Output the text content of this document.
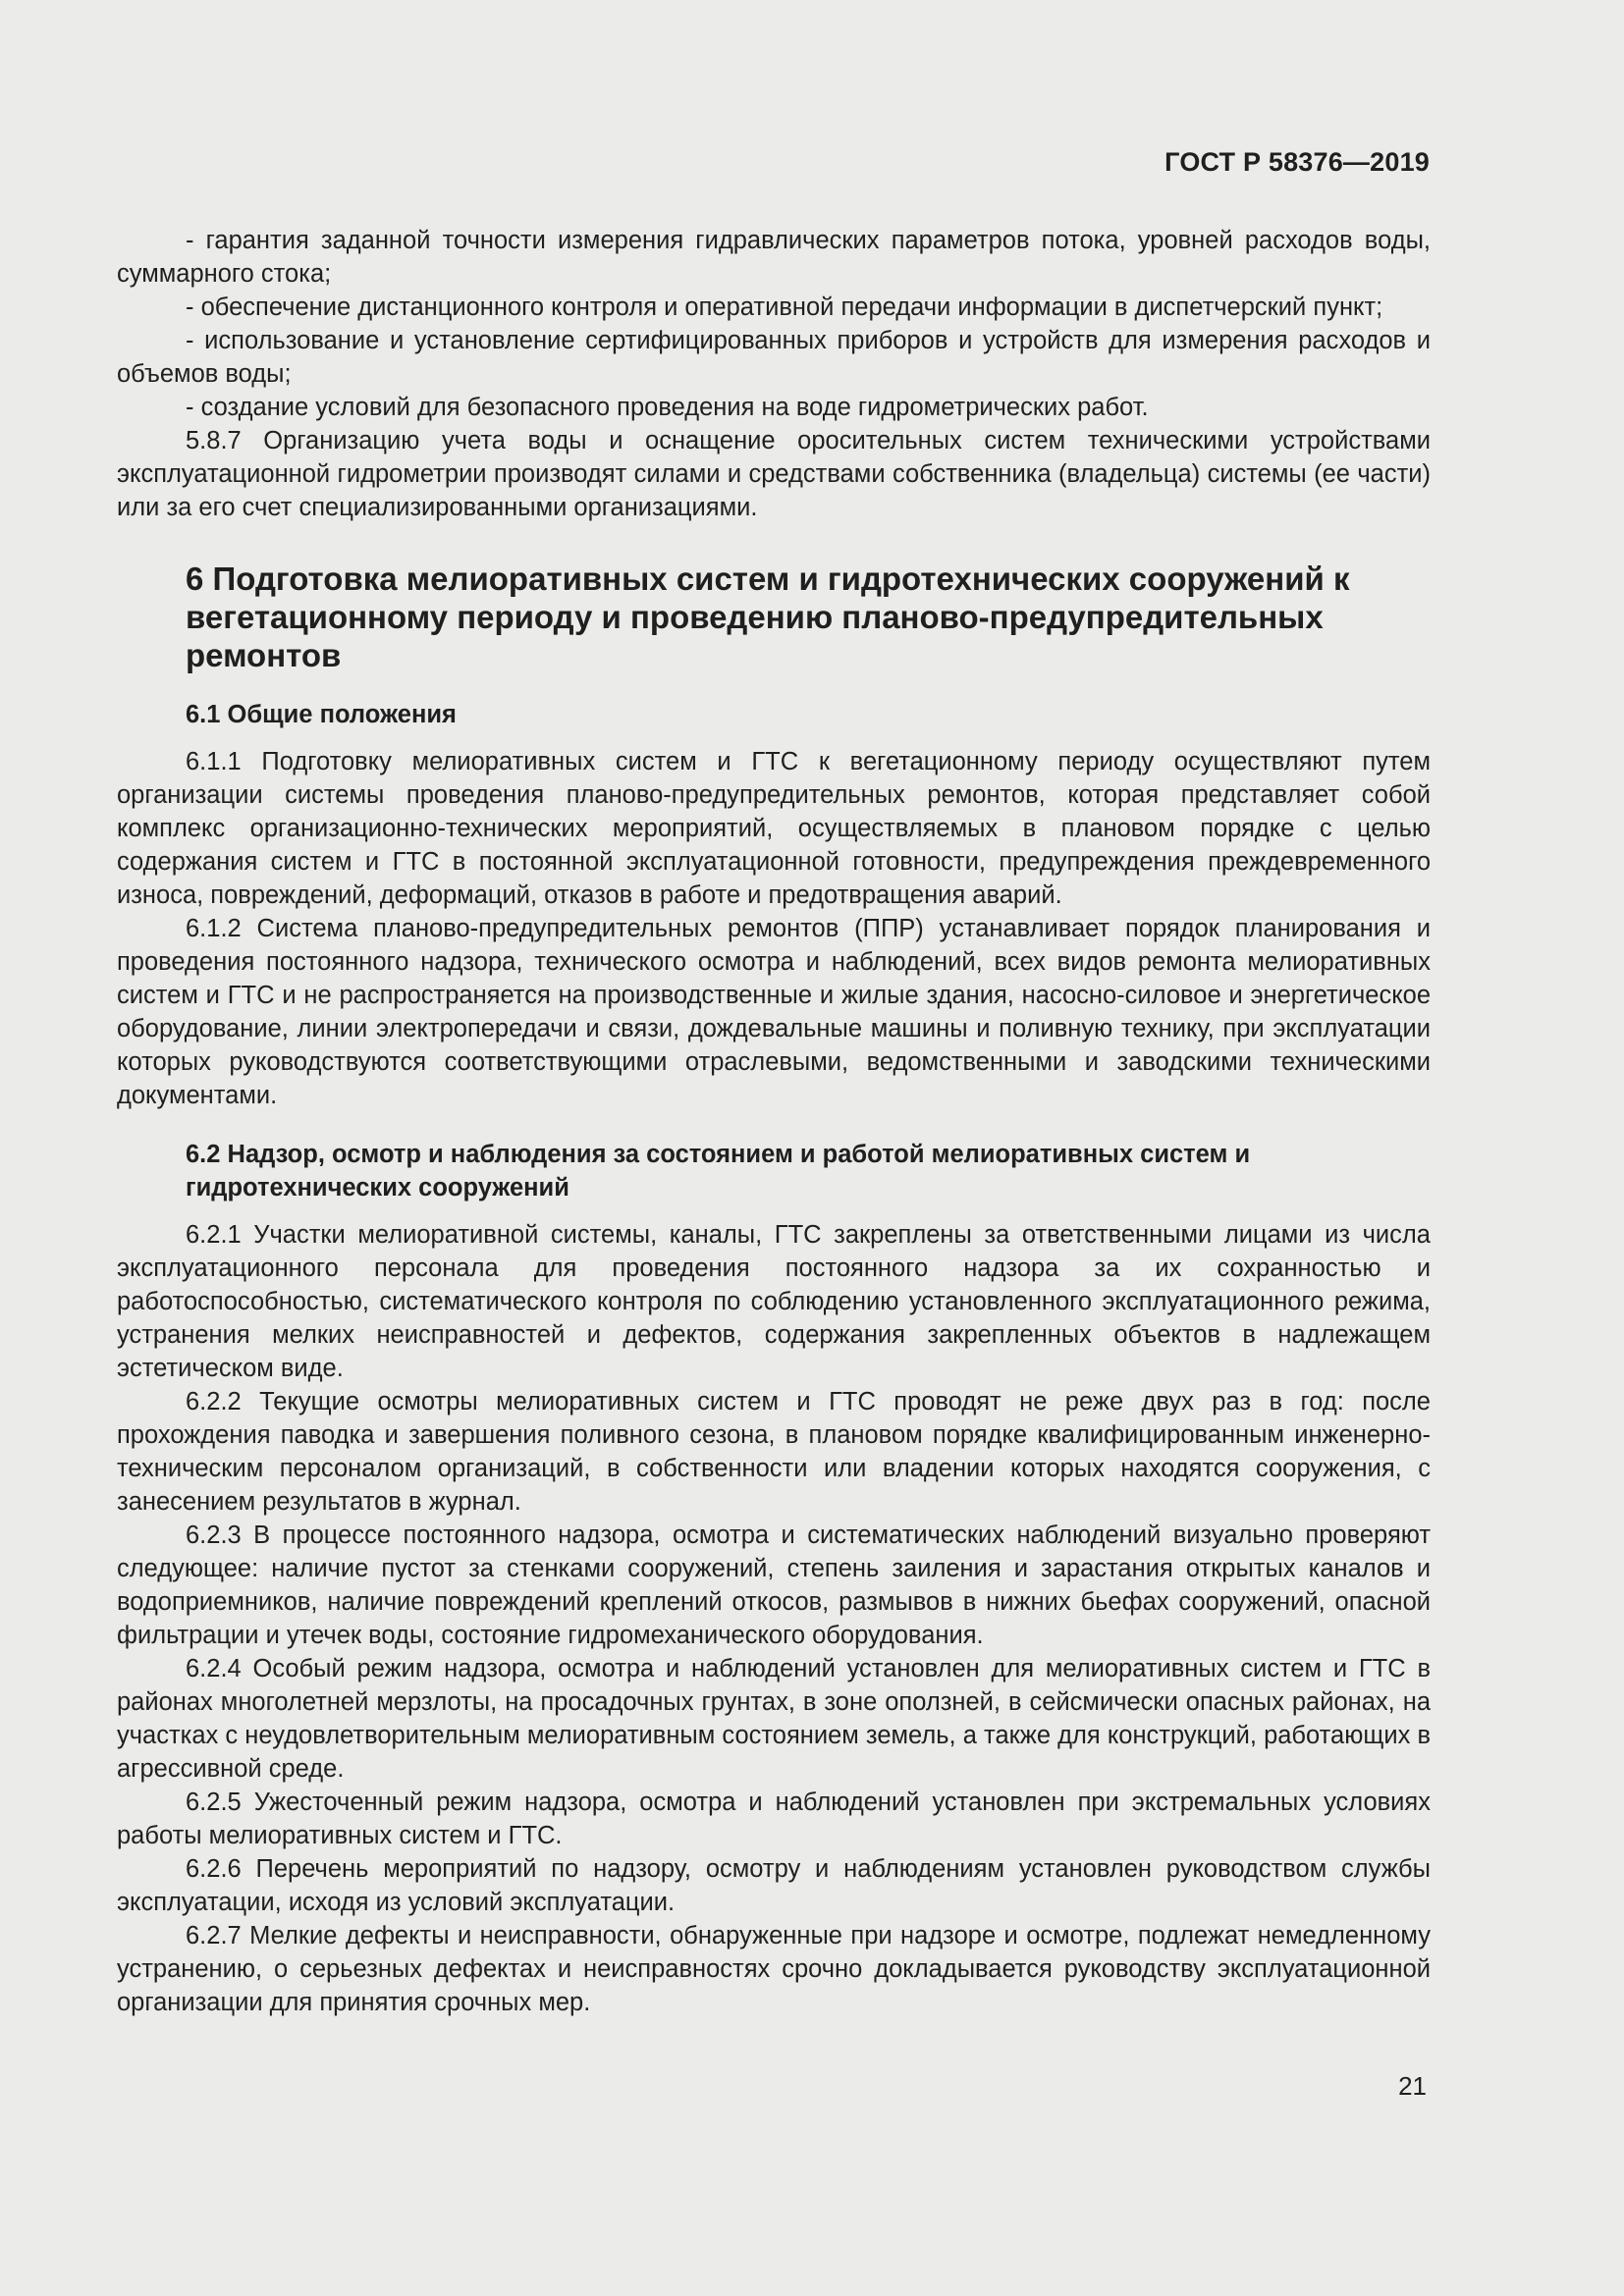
ГОСТ Р 58376—2019

- гарантия заданной точности измерения гидравлических параметров потока, уровней расходов воды, суммарного стока;

- обеспечение дистанционного контроля и оперативной передачи информации в диспетчерский пункт;

- использование и установление сертифицированных приборов и устройств для измерения расходов и объемов воды;

- создание условий для безопасного проведения на воде гидрометрических работ.

5.8.7 Организацию учета воды и оснащение оросительных систем техническими устройствами эксплуатационной гидрометрии производят силами и средствами собственника (владельца) системы (ее части) или за его счет специализированными организациями.

6 Подготовка мелиоративных систем и гидротехнических сооружений к вегетационному периоду и проведению планово-предупредительных ремонтов

6.1 Общие положения

6.1.1 Подготовку мелиоративных систем и ГТС к вегетационному периоду осуществляют путем организации системы проведения планово-предупредительных ремонтов, которая представляет собой комплекс организационно-технических мероприятий, осуществляемых в плановом порядке с целью содержания систем и ГТС в постоянной эксплуатационной готовности, предупреждения преждевременного износа, повреждений, деформаций, отказов в работе и предотвращения аварий.

6.1.2 Система планово-предупредительных ремонтов (ППР) устанавливает порядок планирования и проведения постоянного надзора, технического осмотра и наблюдений, всех видов ремонта мелиоративных систем и ГТС и не распространяется на производственные и жилые здания, насосно-силовое и энергетическое оборудование, линии электропередачи и связи, дождевальные машины и поливную технику, при эксплуатации которых руководствуются соответствующими отраслевыми, ведомственными и заводскими техническими документами.

6.2 Надзор, осмотр и наблюдения за состоянием и работой мелиоративных систем и гидротехнических сооружений

6.2.1 Участки мелиоративной системы, каналы, ГТС закреплены за ответственными лицами из числа эксплуатационного персонала для проведения постоянного надзора за их сохранностью и работоспособностью, систематического контроля по соблюдению установленного эксплуатационного режима, устранения мелких неисправностей и дефектов, содержания закрепленных объектов в надлежащем эстетическом виде.

6.2.2 Текущие осмотры мелиоративных систем и ГТС проводят не реже двух раз в год: после прохождения паводка и завершения поливного сезона, в плановом порядке квалифицированным инженерно-техническим персоналом организаций, в собственности или владении которых находятся сооружения, с занесением результатов в журнал.

6.2.3 В процессе постоянного надзора, осмотра и систематических наблюдений визуально проверяют следующее: наличие пустот за стенками сооружений, степень заиления и зарастания открытых каналов и водоприемников, наличие повреждений креплений откосов, размывов в нижних бьефах сооружений, опасной фильтрации и утечек воды, состояние гидромеханического оборудования.

6.2.4 Особый режим надзора, осмотра и наблюдений установлен для мелиоративных систем и ГТС в районах многолетней мерзлоты, на просадочных грунтах, в зоне оползней, в сейсмически опасных районах, на участках с неудовлетворительным мелиоративным состоянием земель, а также для конструкций, работающих в агрессивной среде.

6.2.5 Ужесточенный режим надзора, осмотра и наблюдений установлен при экстремальных условиях работы мелиоративных систем и ГТС.

6.2.6 Перечень мероприятий по надзору, осмотру и наблюдениям установлен руководством службы эксплуатации, исходя из условий эксплуатации.

6.2.7 Мелкие дефекты и неисправности, обнаруженные при надзоре и осмотре, подлежат немедленному устранению, о серьезных дефектах и неисправностях срочно докладывается руководству эксплуатационной организации для принятия срочных мер.

21
